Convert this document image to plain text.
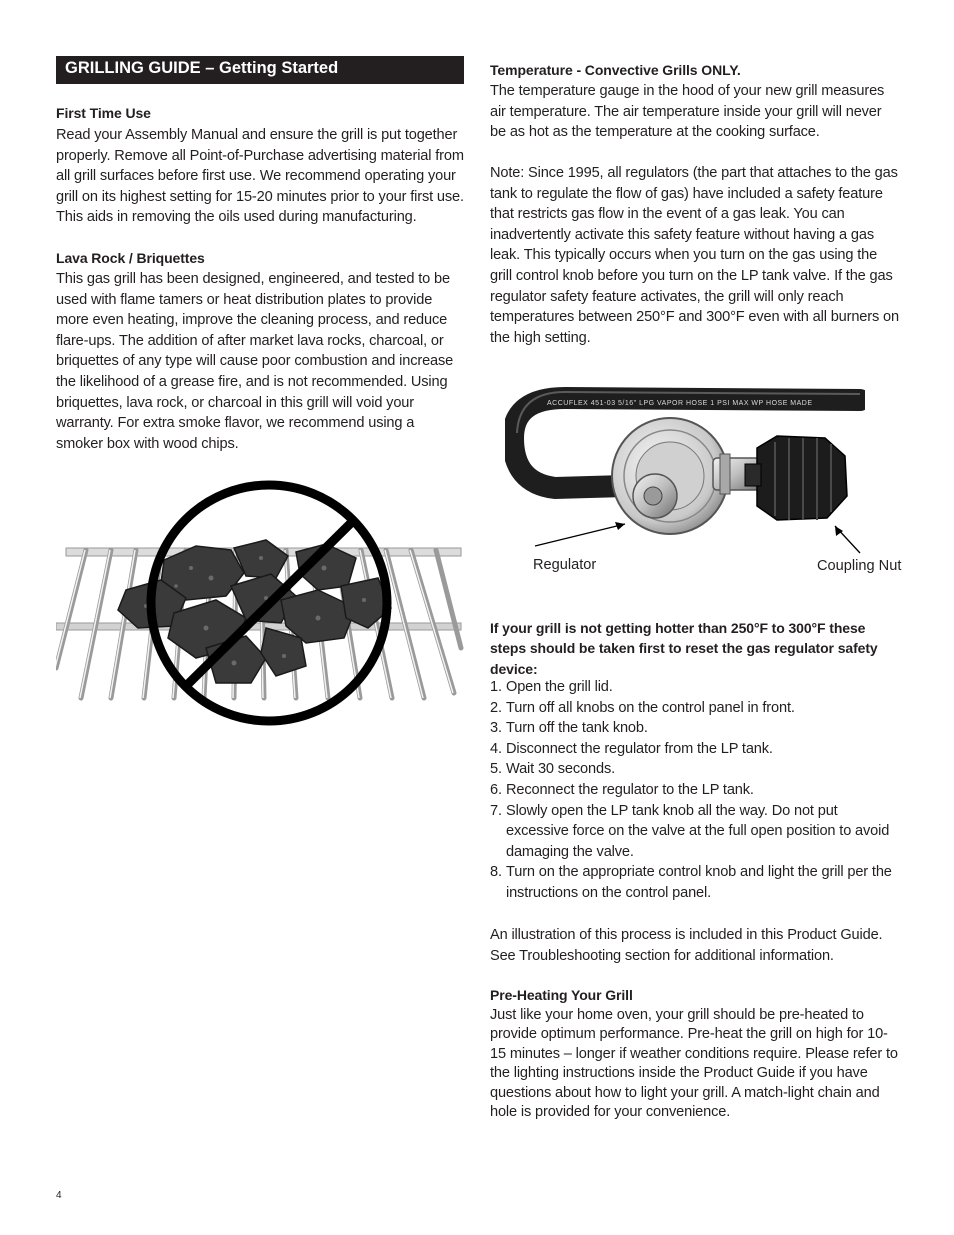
GRILLING GUIDE – Getting Started
First Time Use
Read your Assembly Manual and ensure the grill is put together
properly. Remove all Point-of-Purchase advertising material from
all grill surfaces before first use. We recommend operating your
grill on its highest setting for 15-20 minutes prior to your first use.
This aids in removing the oils used during manufacturing.
Lava Rock / Briquettes
This gas grill has been designed, engineered, and tested to be
used with flame tamers or heat distribution plates to provide
more even heating, improve the cleaning process, and reduce
flare-ups. The addition of after market lava rocks, charcoal, or
briquettes of any type will cause poor combustion and increase
the likelihood of a grease fire, and is not recommended. Using
briquettes, lava rock, or charcoal in this grill will void your
warranty. For extra smoke flavor, we recommend using a
smoker box with wood chips.
Temperature - Convective Grills ONLY.
The temperature gauge in the hood of your new grill measures
air temperature. The air temperature inside your grill will never
be as hot as the temperature at the cooking surface.
Note: Since 1995, all regulators (the part that attaches to the gas
tank to regulate the flow of gas) have included a safety feature
that restricts gas flow in the event of a gas leak. You can
inadvertently activate this safety feature without having a gas
leak. This typically occurs when you turn on the gas using the
grill control knob before you turn on the LP tank valve. If the gas
regulator safety feature activates, the grill will only reach
temperatures between 250°F and 300°F even with all burners on
the high setting.
ACCUFLEX 451-03 5/16" LPG VAPOR HOSE 1 PSI MAX WP HOSE MADE
Regulator	Coupling Nut
If your grill is not getting hotter than 250°F to 300°F these
steps should be taken first to reset the gas regulator safety
device:
1. Open the grill lid.
2. Turn off all knobs on the control panel in front.
3. Turn off the tank knob.
4. Disconnect the regulator from the LP tank.
5. Wait 30 seconds.
6. Reconnect the regulator to the LP tank.
7. Slowly open the LP tank knob all the way. Do not put
excessive force on the valve at the full open position to avoid
damaging the valve.
8. Turn on the appropriate control knob and light the grill per the
instructions on the control panel.
An illustration of this process is included in this Product Guide.
See Troubleshooting section for additional information.
Pre-Heating Your Grill
Just like your home oven, your grill should be pre-heated to
provide optimum performance. Pre-heat the grill on high for 10-
15 minutes – longer if weather conditions require. Please refer to
the lighting instructions inside the Product Guide if you have
questions about how to light your grill. A match-light chain and
hole is provided for your convenience.
4
